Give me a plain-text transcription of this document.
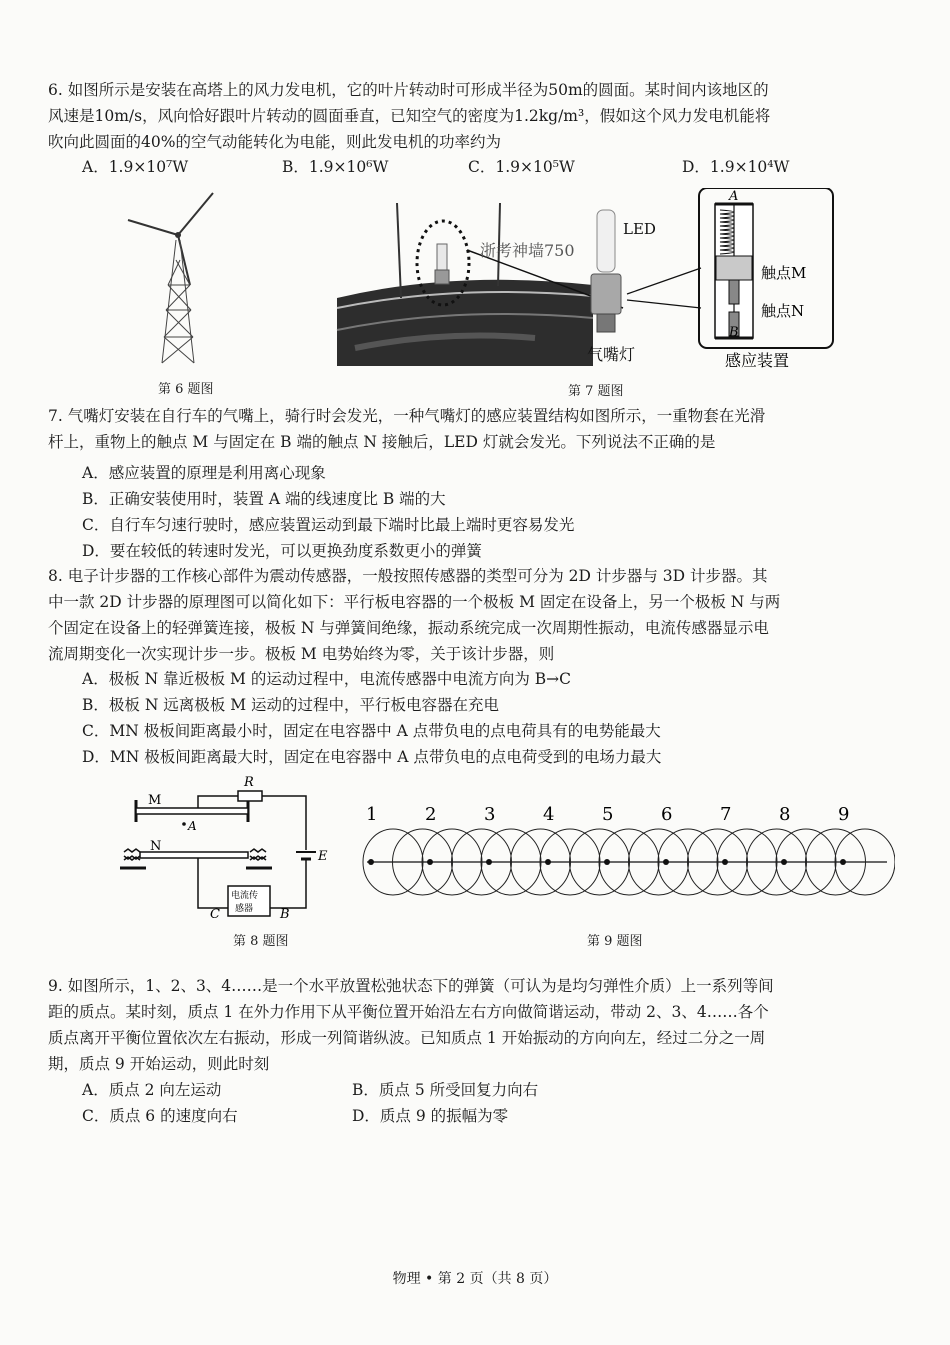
6. 如图所示是安装在高塔上的风力发电机，它的叶片转动时可形成半径为50m的圆面。某时间内该地区的
风速是10m/s，风向恰好跟叶片转动的圆面垂直，已知空气的密度为1.2kg/m³，假如这个风力发电机能将
吹向此圆面的40%的空气动能转化为电能，则此发电机的功率约为
A．1.9×10⁷W	B．1.9×10⁶W	C．1.9×10⁵W	D．1.9×10⁴W
第 6 题图
浙考神墙750
LED
气嘴灯
A
B
触点M
触点N
感应装置
第 7 题图
7. 气嘴灯安装在自行车的气嘴上，骑行时会发光，一种气嘴灯的感应装置结构如图所示，一重物套在光滑
杆上，重物上的触点 M 与固定在 B 端的触点 N 接触后，LED 灯就会发光。下列说法不正确的是
A．感应装置的原理是利用离心现象
B．正确安装使用时，装置 A 端的线速度比 B 端的大
C．自行车匀速行驶时，感应装置运动到最下端时比最上端时更容易发光
D．要在较低的转速时发光，可以更换劲度系数更小的弹簧
8. 电子计步器的工作核心部件为震动传感器，一般按照传感器的类型可分为 2D 计步器与 3D 计步器。其
中一款 2D 计步器的原理图可以简化如下：平行板电容器的一个极板 M 固定在设备上，另一个极板 N 与两
个固定在设备上的轻弹簧连接，极板 N 与弹簧间绝缘，振动系统完成一次周期性振动，电流传感器显示电
流周期变化一次实现计步一步。极板 M 电势始终为零，关于该计步器，则
A．极板 N 靠近极板 M 的运动过程中，电流传感器中电流方向为 B→C
B．极板 N 远离极板 M 运动的过程中，平行板电容器在充电
C．MN 极板间距离最小时，固定在电容器中 A 点带负电的点电荷具有的电势能最大
D．MN 极板间距离最大时，固定在电容器中 A 点带负电的点电荷受到的电场力最大
M
N
A
R
E
C	B
电流传
感器
第 8 题图
1	2	3	4	5	6	7	8	9
第 9 题图
9. 如图所示，1、2、3、4……是一个水平放置松弛状态下的弹簧（可认为是均匀弹性介质）上一系列等间
距的质点。某时刻，质点 1 在外力作用下从平衡位置开始沿左右方向做简谐运动，带动 2、3、4……各个
质点离开平衡位置依次左右振动，形成一列简谐纵波。已知质点 1 开始振动的方向向左，经过二分之一周
期，质点 9 开始运动，则此时刻
A．质点 2 向左运动	B．质点 5 所受回复力向右
C．质点 6 的速度向右	D．质点 9 的振幅为零
物理 • 第 2 页（共 8 页）
